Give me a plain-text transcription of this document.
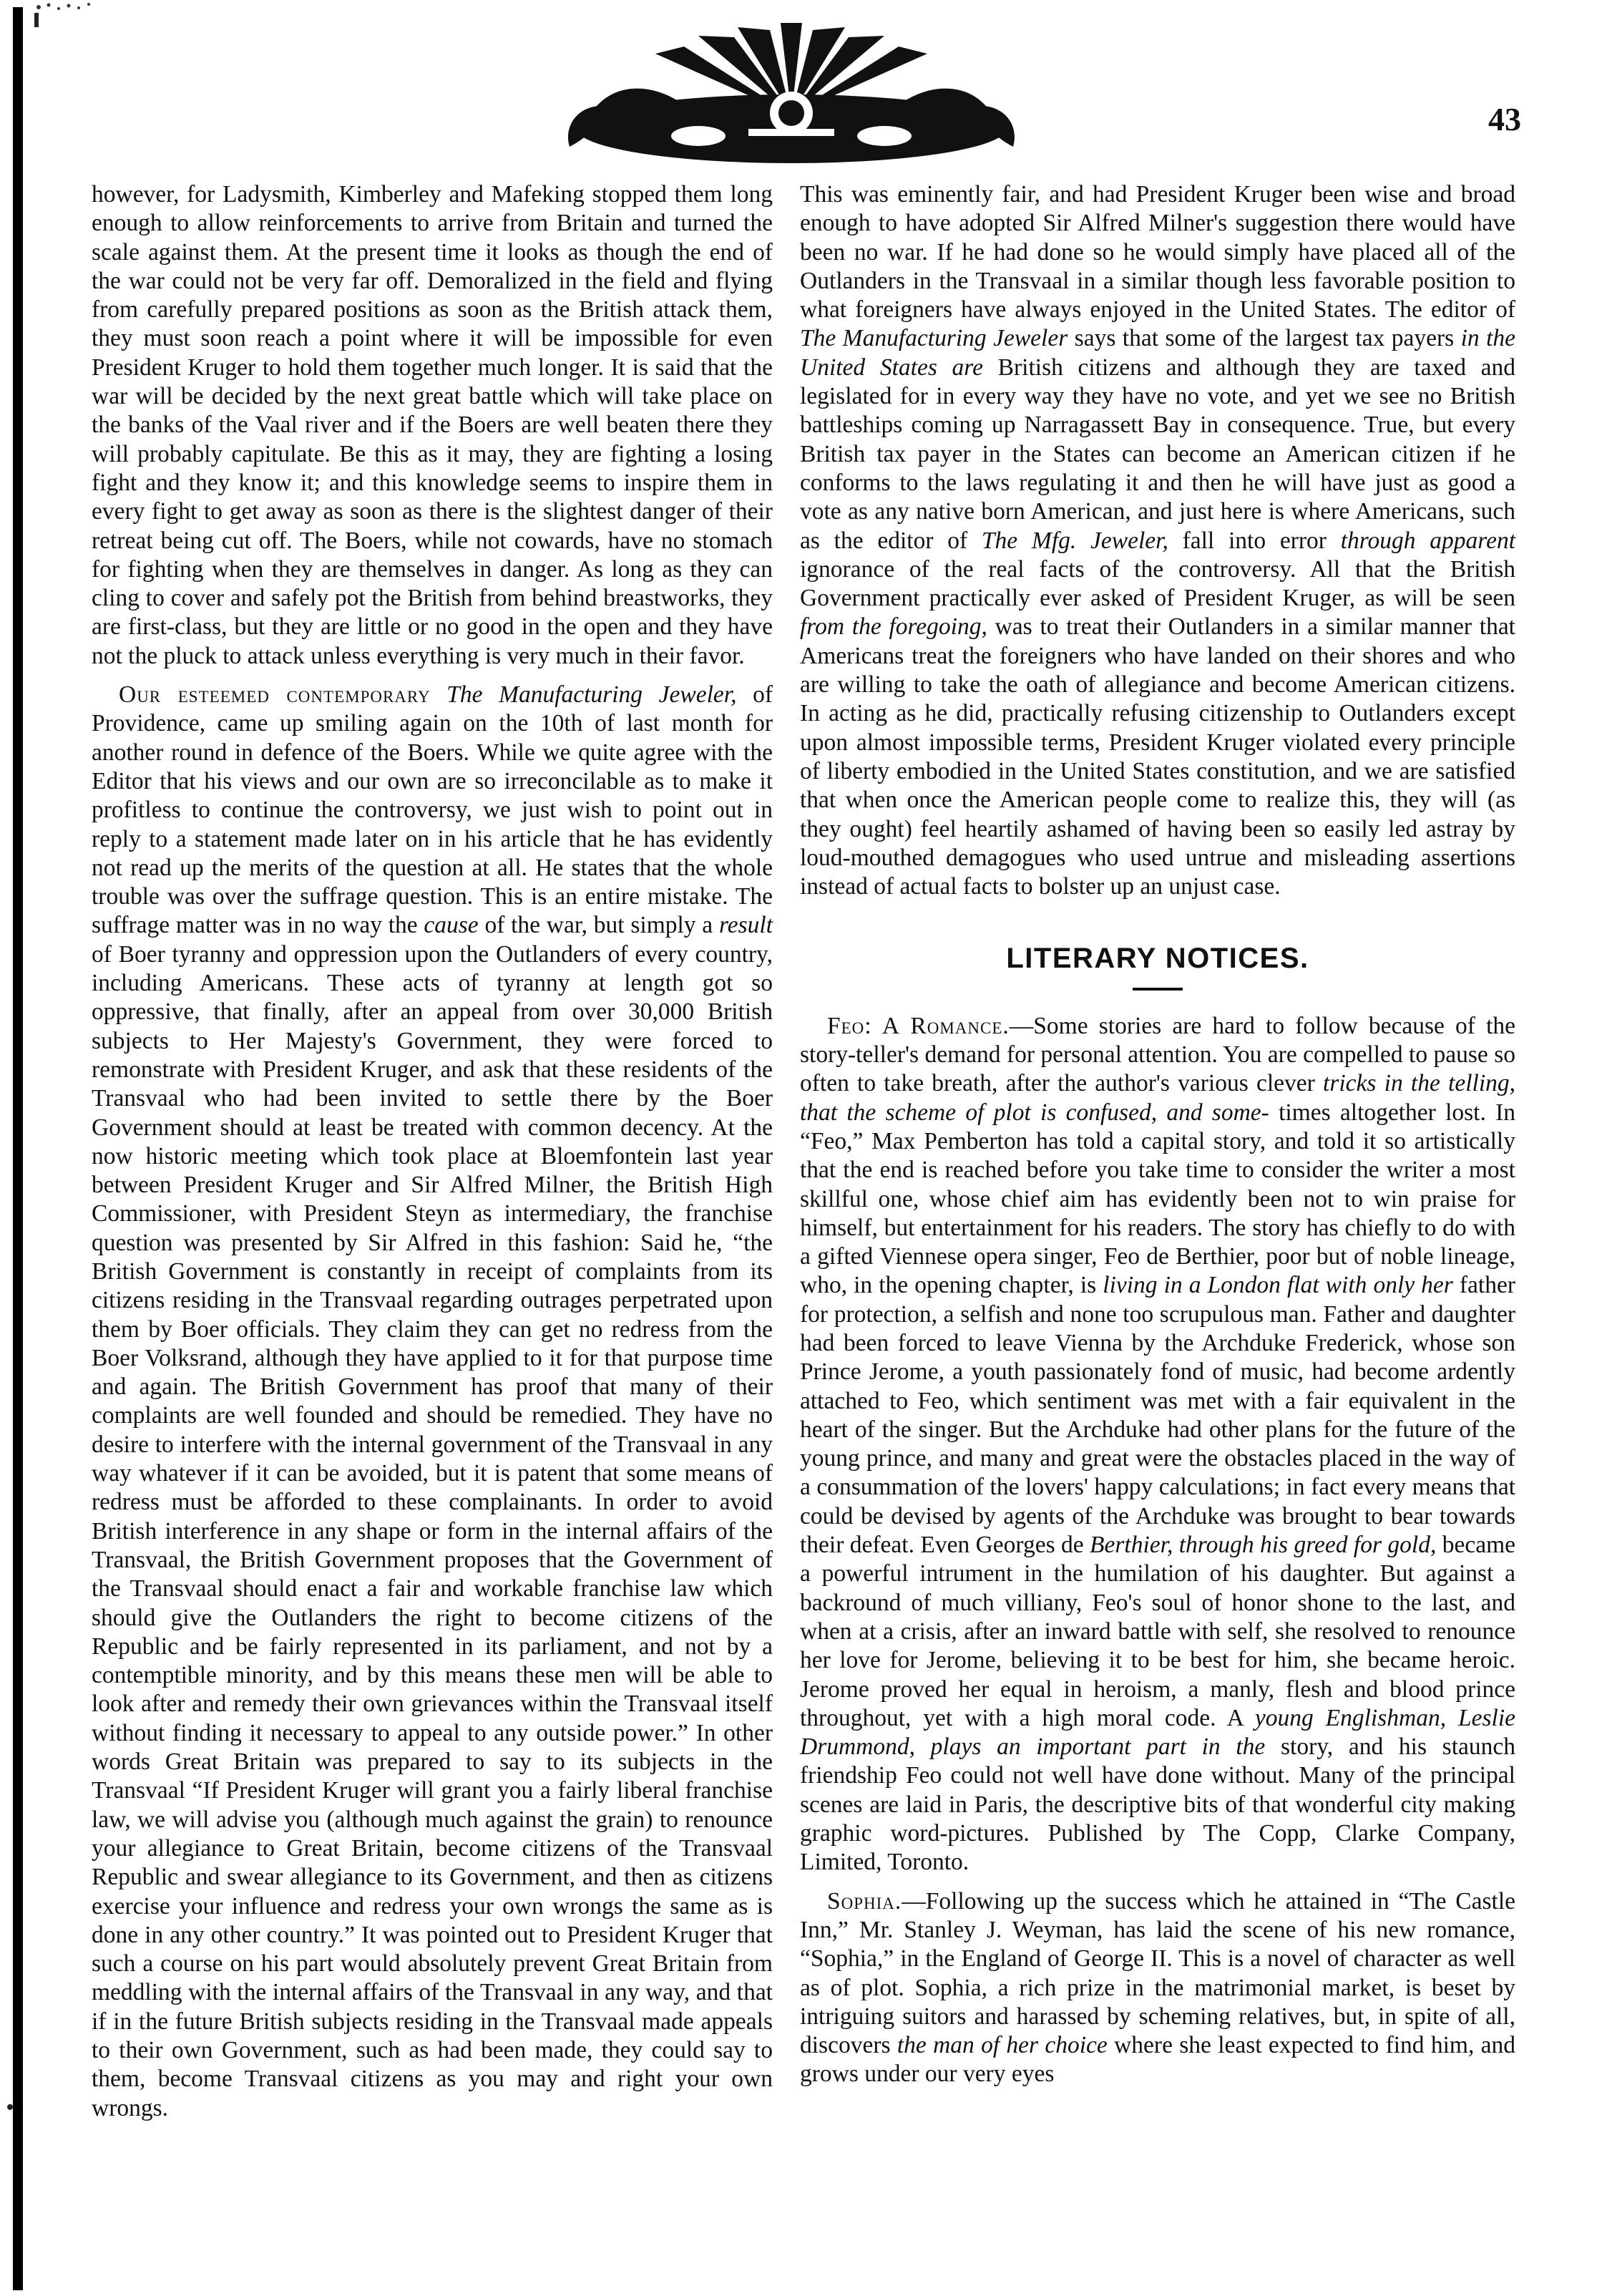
43

however, for Ladysmith, Kimberley and Mafeking stopped them long enough to allow reinforcements to arrive from Britain and turned the scale against them. At the present time it looks as though the end of the war could not be very far off. Demoralized in the field and flying from carefully prepared positions as soon as the British attack them, they must soon reach a point where it will be impossible for even President Kruger to hold them together much longer. It is said that the war will be decided by the next great battle which will take place on the banks of the Vaal river and if the Boers are well beaten there they will probably capitulate. Be this as it may, they are fighting a losing fight and they know it; and this knowledge seems to inspire them in every fight to get away as soon as there is the slightest danger of their retreat being cut off. The Boers, while not cowards, have no stomach for fighting when they are themselves in danger. As long as they can cling to cover and safely pot the British from behind breastworks, they are first-class, but they are little or no good in the open and they have not the pluck to attack unless everything is very much in their favor.

Our esteemed contemporary The Manufacturing Jeweler, of Providence, came up smiling again on the 10th of last month for another round in defence of the Boers. While we quite agree with the Editor that his views and our own are so irreconcilable as to make it profitless to continue the controversy, we just wish to point out in reply to a statement made later on in his article that he has evidently not read up the merits of the question at all. He states that the whole trouble was over the suffrage question. This is an entire mistake. The suffrage matter was in no way the cause of the war, but simply a result of Boer tyranny and oppression upon the Outlanders of every country, including Americans. These acts of tyranny at length got so oppressive, that finally, after an appeal from over 30,000 British subjects to Her Majesty's Government, they were forced to remonstrate with President Kruger, and ask that these residents of the Transvaal who had been invited to settle there by the Boer Government should at least be treated with common decency. At the now historic meeting which took place at Bloemfontein last year between President Kruger and Sir Alfred Milner, the British High Commissioner, with President Steyn as intermediary, the franchise question was presented by Sir Alfred in this fashion: Said he, “the British Government is constantly in receipt of complaints from its citizens residing in the Transvaal regarding outrages perpetrated upon them by Boer officials. They claim they can get no redress from the Boer Volksrand, although they have applied to it for that purpose time and again. The British Government has proof that many of their complaints are well founded and should be remedied. They have no desire to interfere with the internal government of the Transvaal in any way whatever if it can be avoided, but it is patent that some means of redress must be afforded to these complainants. In order to avoid British interference in any shape or form in the internal affairs of the Transvaal, the British Government proposes that the Government of the Transvaal should enact a fair and workable franchise law which should give the Outlanders the right to become citizens of the Republic and be fairly represented in its parliament, and not by a contemptible minority, and by this means these men will be able to look after and remedy their own grievances within the Transvaal itself without finding it necessary to appeal to any outside power.” In other words Great Britain was prepared to say to its subjects in the Transvaal “If President Kruger will grant you a fairly liberal franchise law, we will advise you (although much against the grain) to renounce your allegiance to Great Britain, become citizens of the Transvaal Republic and swear allegiance to its Government, and then as citizens exercise your influence and redress your own wrongs the same as is done in any other country.” It was pointed out to President Kruger that such a course on his part would absolutely prevent Great Britain from meddling with the internal affairs of the Transvaal in any way, and that if in the future British subjects residing in the Transvaal made appeals to their own Government, such as had been made, they could say to them, become Transvaal citizens as you may and right your own wrongs.

This was eminently fair, and had President Kruger been wise and broad enough to have adopted Sir Alfred Milner's suggestion there would have been no war. If he had done so he would simply have placed all of the Outlanders in the Transvaal in a similar though less favorable position to what foreigners have always enjoyed in the United States. The editor of The Manufacturing Jeweler says that some of the largest tax payers in the United States are British citizens and although they are taxed and legislated for in every way they have no vote, and yet we see no British battleships coming up Narragassett Bay in consequence. True, but every British tax payer in the States can become an American citizen if he conforms to the laws regulating it and then he will have just as good a vote as any native born American, and just here is where Americans, such as the editor of The Mfg. Jeweler, fall into error through apparent ignorance of the real facts of the controversy. All that the British Government practically ever asked of President Kruger, as will be seen from the foregoing, was to treat their Outlanders in a similar manner that Americans treat the foreigners who have landed on their shores and who are willing to take the oath of allegiance and become American citizens. In acting as he did, practically refusing citizenship to Outlanders except upon almost impossible terms, President Kruger violated every principle of liberty embodied in the United States constitution, and we are satisfied that when once the American people come to realize this, they will (as they ought) feel heartily ashamed of having been so easily led astray by loud-mouthed demagogues who used untrue and misleading assertions instead of actual facts to bolster up an unjust case.

LITERARY NOTICES.

Feo: A Romance.—Some stories are hard to follow because of the story-teller's demand for personal attention. You are compelled to pause so often to take breath, after the author's various clever tricks in the telling, that the scheme of plot is confused, and some- times altogether lost. In “Feo,” Max Pemberton has told a capital story, and told it so artistically that the end is reached before you take time to consider the writer a most skillful one, whose chief aim has evidently been not to win praise for himself, but entertainment for his readers. The story has chiefly to do with a gifted Viennese opera singer, Feo de Berthier, poor but of noble lineage, who, in the opening chapter, is living in a London flat with only her father for protection, a selfish and none too scrupulous man. Father and daughter had been forced to leave Vienna by the Archduke Frederick, whose son Prince Jerome, a youth passionately fond of music, had become ardently attached to Feo, which sentiment was met with a fair equivalent in the heart of the singer. But the Archduke had other plans for the future of the young prince, and many and great were the obstacles placed in the way of a consummation of the lovers' happy calculations; in fact every means that could be devised by agents of the Archduke was brought to bear towards their defeat. Even Georges de Berthier, through his greed for gold, became a powerful intrument in the humilation of his daughter. But against a backround of much villiany, Feo's soul of honor shone to the last, and when at a crisis, after an inward battle with self, she resolved to renounce her love for Jerome, believing it to be best for him, she became heroic. Jerome proved her equal in heroism, a manly, flesh and blood prince throughout, yet with a high moral code. A young Englishman, Leslie Drummond, plays an important part in the story, and his staunch friendship Feo could not well have done without. Many of the principal scenes are laid in Paris, the descriptive bits of that wonderful city making graphic word-pictures. Published by The Copp, Clarke Company, Limited, Toronto.

Sophia.—Following up the success which he attained in “The Castle Inn,” Mr. Stanley J. Weyman, has laid the scene of his new romance, “Sophia,” in the England of George II. This is a novel of character as well as of plot. Sophia, a rich prize in the matrimonial market, is beset by intriguing suitors and harassed by scheming relatives, but, in spite of all, discovers the man of her choice where she least expected to find him, and grows under our very eyes
